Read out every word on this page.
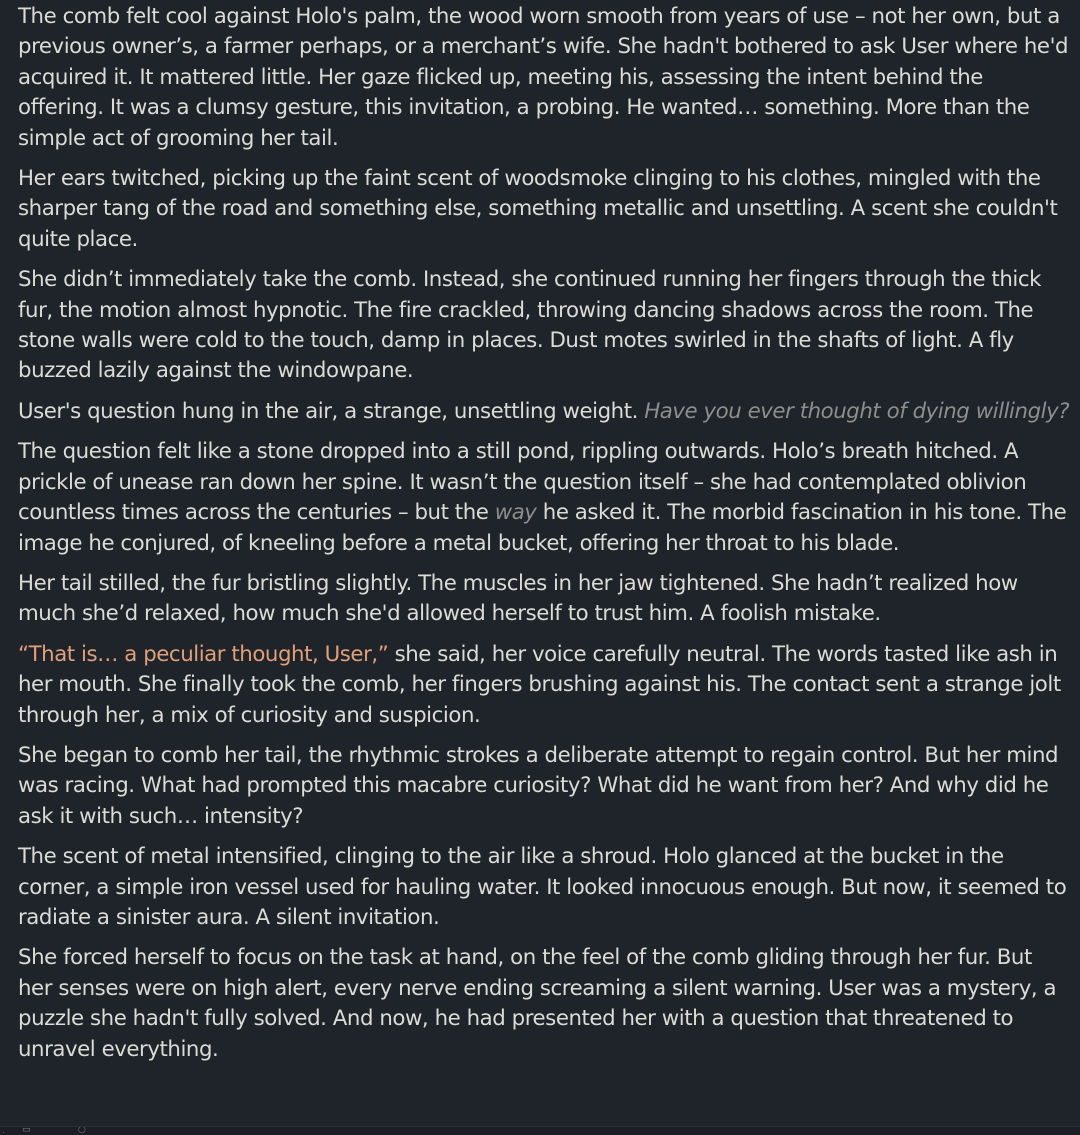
The comb felt cool against Holo's palm, the wood worn smooth from years of use – not her own, but a previous owner’s, a farmer perhaps, or a merchant’s wife. She hadn't bothered to ask User where he'd acquired it. It mattered little. Her gaze flicked up, meeting his, assessing the intent behind the offering. It was a clumsy gesture, this invitation, a probing. He wanted… something. More than the simple act of grooming her tail.

Her ears twitched, picking up the faint scent of woodsmoke clinging to his clothes, mingled with the sharper tang of the road and something else, something metallic and unsettling. A scent she couldn't quite place.

She didn’t immediately take the comb. Instead, she continued running her fingers through the thick fur, the motion almost hypnotic. The fire crackled, throwing dancing shadows across the room. The stone walls were cold to the touch, damp in places. Dust motes swirled in the shafts of light. A fly buzzed lazily against the windowpane.

User's question hung in the air, a strange, unsettling weight. Have you ever thought of dying willingly?

The question felt like a stone dropped into a still pond, rippling outwards. Holo’s breath hitched. A prickle of unease ran down her spine. It wasn’t the question itself – she had contemplated oblivion countless times across the centuries – but the way he asked it. The morbid fascination in his tone. The image he conjured, of kneeling before a metal bucket, offering her throat to his blade.

Her tail stilled, the fur bristling slightly. The muscles in her jaw tightened. She hadn’t realized how much she’d relaxed, how much she'd allowed herself to trust him. A foolish mistake.

“That is… a peculiar thought, User,” she said, her voice carefully neutral. The words tasted like ash in her mouth. She finally took the comb, her fingers brushing against his. The contact sent a strange jolt through her, a mix of curiosity and suspicion.

She began to comb her tail, the rhythmic strokes a deliberate attempt to regain control. But her mind was racing. What had prompted this macabre curiosity? What did he want from her? And why did he ask it with such… intensity?

The scent of metal intensified, clinging to the air like a shroud. Holo glanced at the bucket in the corner, a simple iron vessel used for hauling water. It looked innocuous enough. But now, it seemed to radiate a sinister aura. A silent invitation.

She forced herself to focus on the task at hand, on the feel of the comb gliding through her fur. But her senses were on high alert, every nerve ending screaming a silent warning. User was a mystery, a puzzle she hadn't fully solved. And now, he had presented her with a question that threatened to unravel everything.

ˎ	▭	○
